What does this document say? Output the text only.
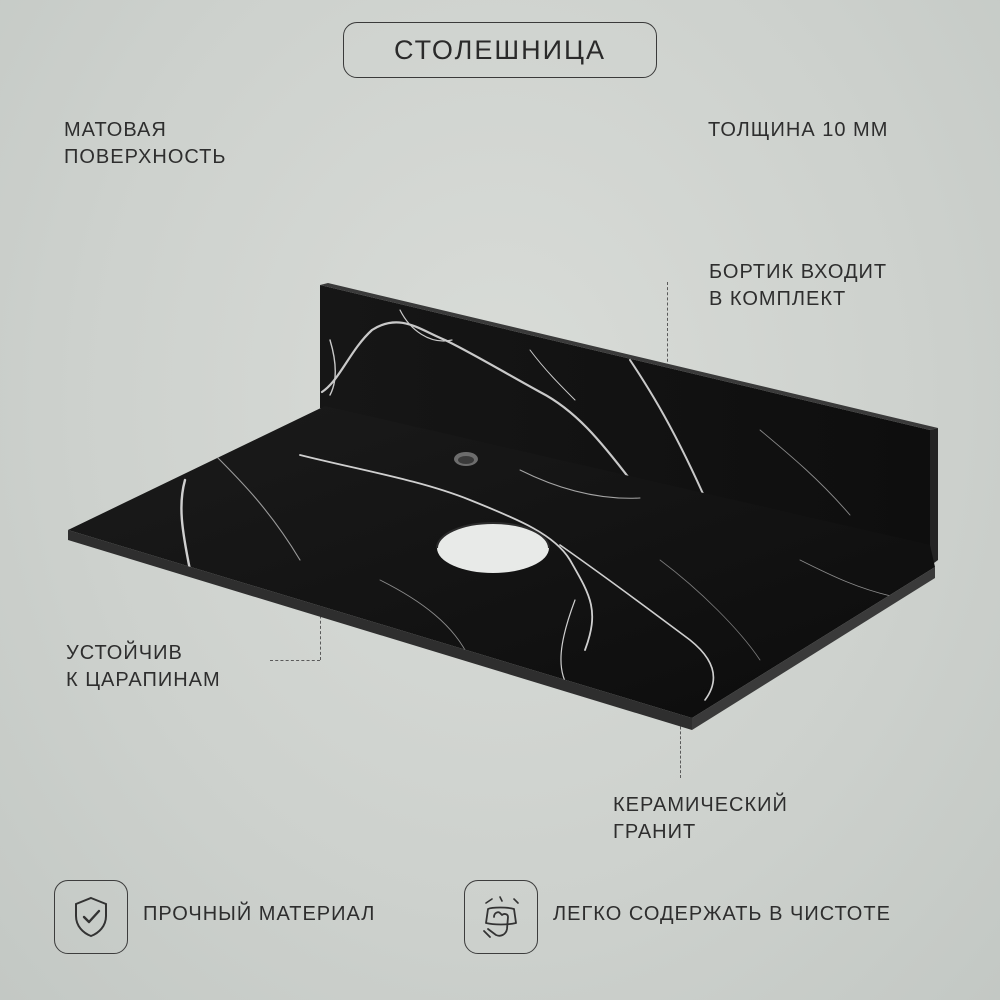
СТОЛЕШНИЦА
МАТОВАЯ
ПОВЕРХНОСТЬ
ТОЛЩИНА 10 ММ
БОРТИК ВХОДИТ
В КОМПЛЕКТ
УСТОЙЧИВ
К ЦАРАПИНАМ
КЕРАМИЧЕСКИЙ
ГРАНИТ
ПРОЧНЫЙ МАТЕРИАЛ	ЛЕГКО СОДЕРЖАТЬ В ЧИСТОТЕ
